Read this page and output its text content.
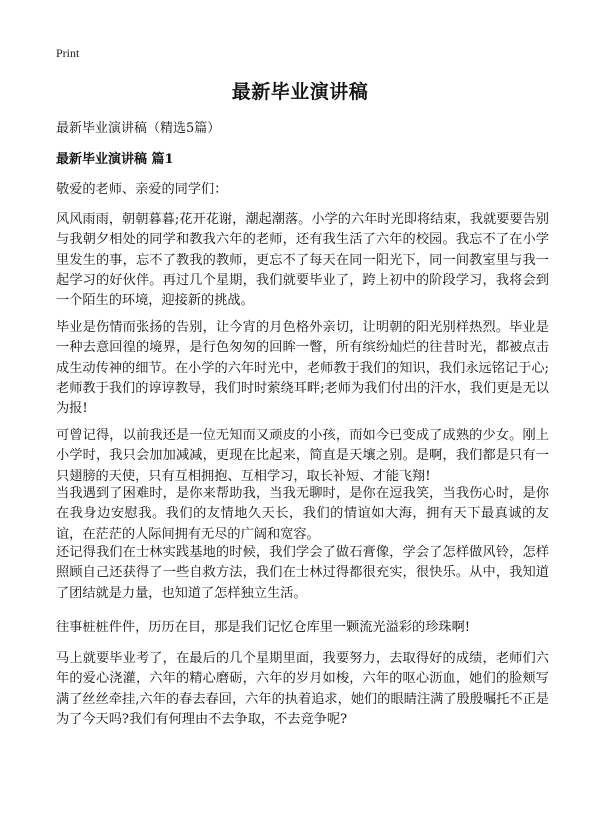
Print
最新毕业演讲稿
最新毕业演讲稿（精选5篇）
最新毕业演讲稿 篇1

敬爱的老师、亲爱的同学们：

风风雨雨，朝朝暮暮;花开花谢，潮起潮落。小学的六年时光即将结束，我就要要告别与我朝夕相处的同学和教我六年的老师，还有我生活了六年的校园。我忘不了在小学里发生的事，忘不了教我的教师，更忘不了每天在同一阳光下，同一间教室里与我一起学习的好伙伴。再过几个星期，我们就要毕业了，跨上初中的阶段学习，我将会到一个陌生的环境，迎接新的挑战。

毕业是伤情而张扬的告别，让今宵的月色格外亲切，让明朝的阳光别样热烈。毕业是一种去意回徨的境界，是行色匆匆的回眸一瞥，所有缤纷灿烂的往昔时光，都被点击成生动传神的细节。在小学的六年时光中，老师教于我们的知识，我们永远铭记于心;老师教于我们的谆谆教导，我们时时萦绕耳畔;老师为我们付出的汗水，我们更是无以为报!

可曾记得，以前我还是一位无知而又顽皮的小孩，而如今已变成了成熟的少女。刚上小学时，我只会加加减减，更现在比起来，简直是天壤之别。是啊，我们都是只有一只翅膀的天使，只有互相拥抱、互相学习，取长补短、才能飞翔!

当我遇到了困难时，是你来帮助我，当我无聊时，是你在逗我笑，当我伤心时，是你在我身边安慰我。我们的友情地久天长，我们的情谊如大海，拥有天下最真诚的友谊，在茫茫的人际间拥有无尽的广阔和宽容。

还记得我们在士林实践基地的时候，我们学会了做石膏像，学会了怎样做风铃，怎样照顾自己还获得了一些自救方法，我们在士林过得都很充实，很快乐。从中，我知道了团结就是力量，也知道了怎样独立生活。

往事桩桩件件，历历在目，那是我们记忆仓库里一颗流光溢彩的珍珠啊!

马上就要毕业考了，在最后的几个星期里面，我要努力，去取得好的成绩，老师们六年的爱心浇灌，六年的精心磨砺，六年的岁月如梭，六年的呕心沥血，她们的脸颊写满了丝丝牵挂,六年的春去春回，六年的执着追求，她们的眼睛注满了殷殷嘱托不正是为了今天吗?我们有何理由不去争取，不去竞争呢?
